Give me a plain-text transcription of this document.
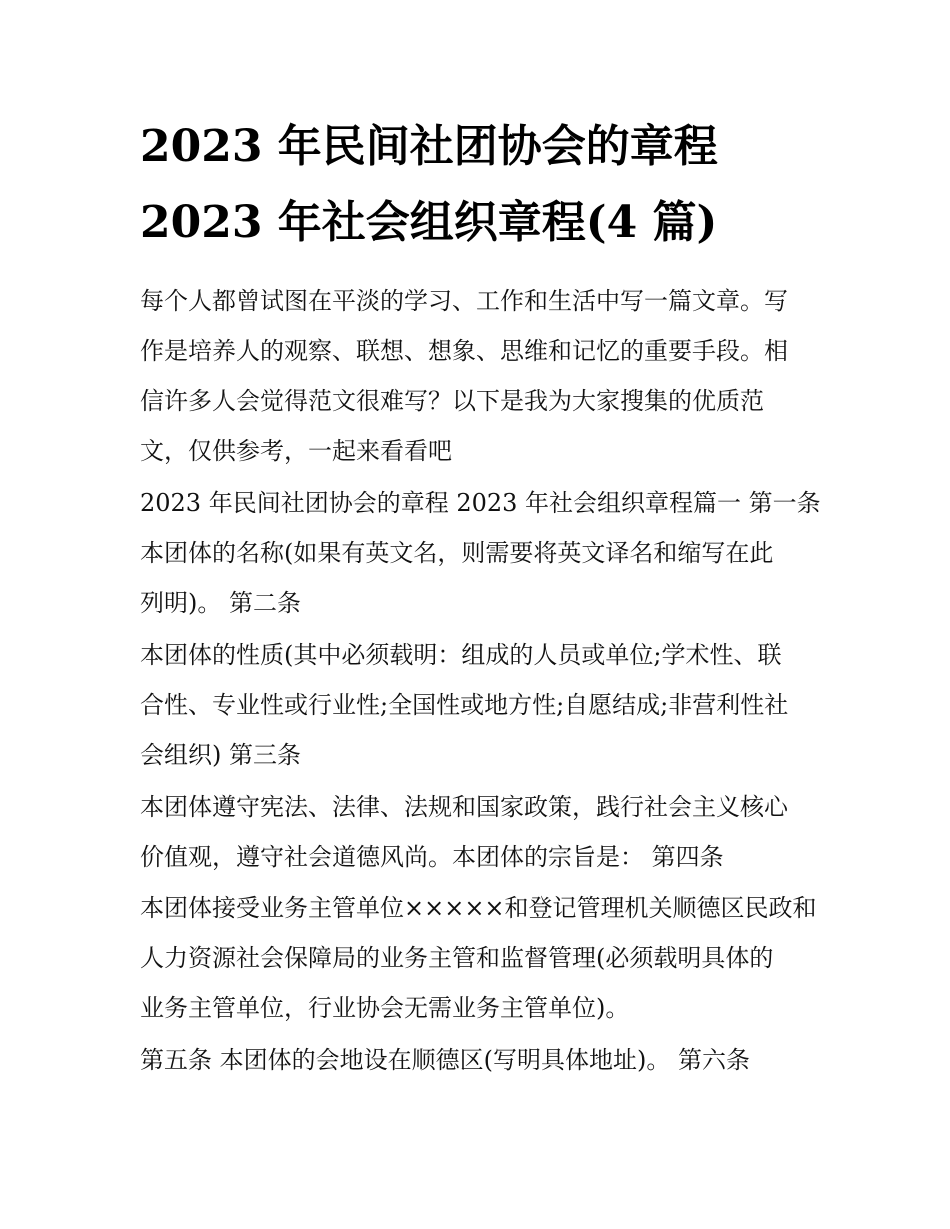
2023 年民间社团协会的章程
2023 年社会组织章程(4 篇)
每个人都曾试图在平淡的学习、工作和生活中写一篇文章。写
作是培养人的观察、联想、想象、思维和记忆的重要手段。相
信许多人会觉得范文很难写？以下是我为大家搜集的优质范
文，仅供参考，一起来看看吧
2023 年民间社团协会的章程 2023 年社会组织章程篇一 第一条
本团体的名称(如果有英文名，则需要将英文译名和缩写在此
列明)。 第二条
本团体的性质(其中必须载明：组成的人员或单位;学术性、联
合性、专业性或行业性;全国性或地方性;自愿结成;非营利性社
会组织) 第三条
本团体遵守宪法、法律、法规和国家政策，践行社会主义核心
价值观，遵守社会道德风尚。本团体的宗旨是： 第四条
本团体接受业务主管单位×××××和登记管理机关顺德区民政和
人力资源社会保障局的业务主管和监督管理(必须载明具体的
业务主管单位，行业协会无需业务主管单位)。
第五条 本团体的会地设在顺德区(写明具体地址)。 第六条
